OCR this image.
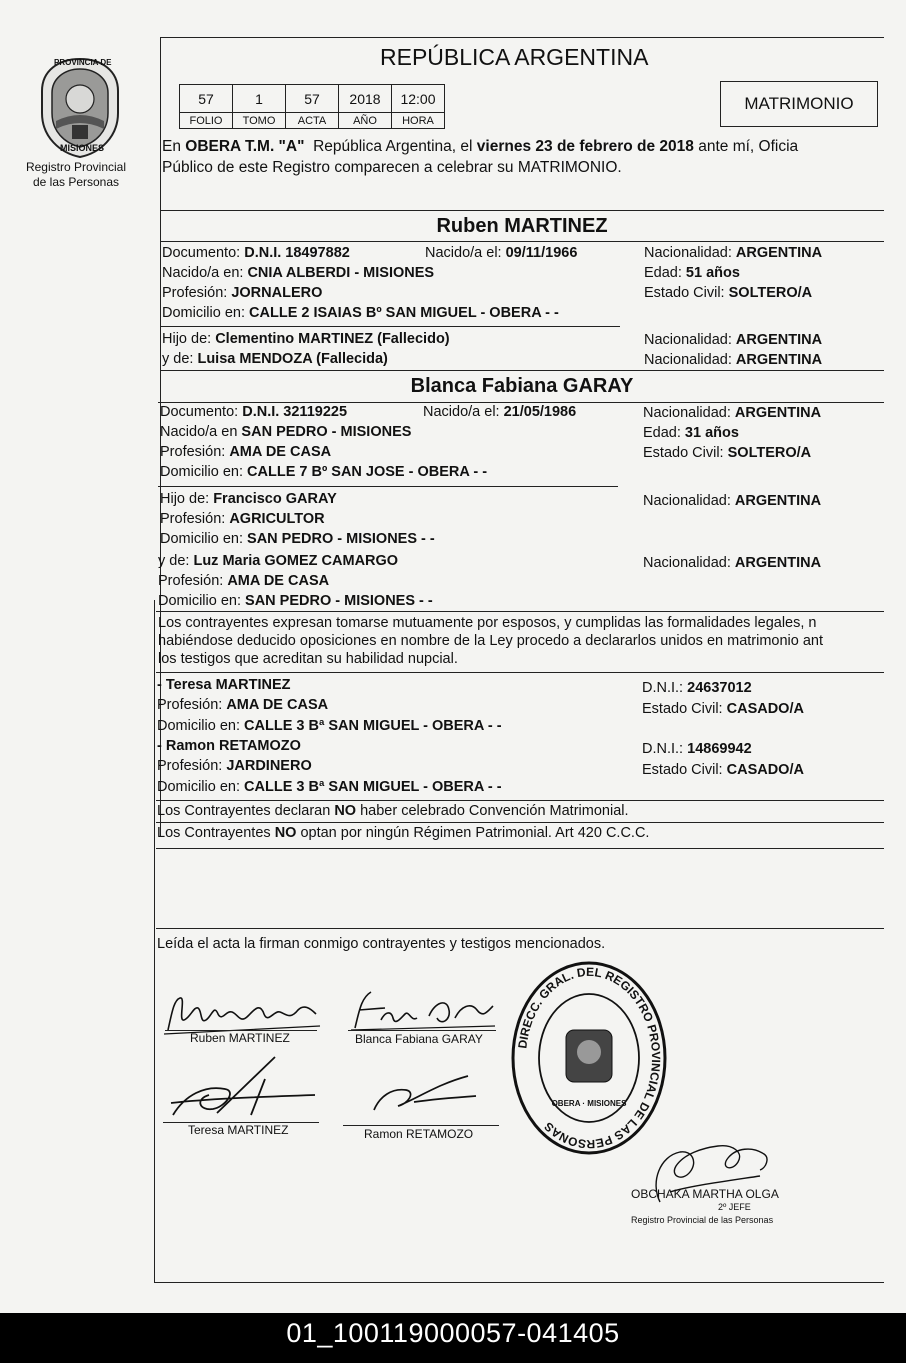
PROVINCIA DE
MISIONES
Registro Provincial
de las Personas
REPÚBLICA ARGENTINA
57	1	57	2018	12:00
FOLIO	TOMO	ACTA	AÑO	HORA
MATRIMONIO
En OBERA T.M. "A"  República Argentina, el viernes 23 de febrero de 2018 ante mí, Oficia
Público de este Registro comparecen a celebrar su MATRIMONIO.
Ruben MARTINEZ
Documento: D.N.I. 18497882	Nacido/a el: 09/11/1966	Nacionalidad: ARGENTINA
Nacido/a en: CNIA ALBERDI - MISIONES	Edad: 51 años
Profesión: JORNALERO	Estado Civil: SOLTERO/A
Domicilio en: CALLE 2 ISAIAS Bº SAN MIGUEL - OBERA - -
Hijo de: Clementino MARTINEZ (Fallecido)	Nacionalidad: ARGENTINA
y de: Luisa MENDOZA (Fallecida)	Nacionalidad: ARGENTINA
Blanca Fabiana GARAY
Documento: D.N.I. 32119225	Nacido/a el: 21/05/1986	Nacionalidad: ARGENTINA
Nacido/a en SAN PEDRO - MISIONES	Edad: 31 años
Profesión: AMA DE CASA	Estado Civil: SOLTERO/A
Domicilio en: CALLE 7 Bº SAN JOSE - OBERA - -
Hijo de: Francisco GARAY	Nacionalidad: ARGENTINA
Profesión: AGRICULTOR
Domicilio en: SAN PEDRO - MISIONES - -
y de: Luz Maria GOMEZ CAMARGO	Nacionalidad: ARGENTINA
Profesión: AMA DE CASA
Domicilio en: SAN PEDRO - MISIONES - -
Los contrayentes expresan tomarse mutuamente por esposos, y cumplidas las formalidades legales, n
habiéndose deducido oposiciones en nombre de la Ley procedo a declararlos unidos en matrimonio ant
los testigos que acreditan su habilidad nupcial.
- Teresa MARTINEZ	D.N.I.: 24637012
Profesión: AMA DE CASA	Estado Civil: CASADO/A
Domicilio en: CALLE 3 Bª SAN MIGUEL - OBERA - -
- Ramon RETAMOZO	D.N.I.: 14869942
Profesión: JARDINERO	Estado Civil: CASADO/A
Domicilio en: CALLE 3 Bª SAN MIGUEL - OBERA - -
Los Contrayentes declaran NO haber celebrado Convención Matrimonial.
Los Contrayentes NO optan por ningún Régimen Patrimonial. Art 420 C.C.C.
Leída el acta la firman conmigo contrayentes y testigos mencionados.
Ruben MARTINEZ	Blanca Fabiana GARAY
Teresa MARTINEZ	Ramon RETAMOZO
DIRECC. GRAL. DEL REGISTRO PROVINCIAL DE LAS PERSONAS
OBERA · MISIONES
OBCHAKA MARTHA OLGA
2º JEFE
Registro Provincial de las Personas
01_100119000057-041405
